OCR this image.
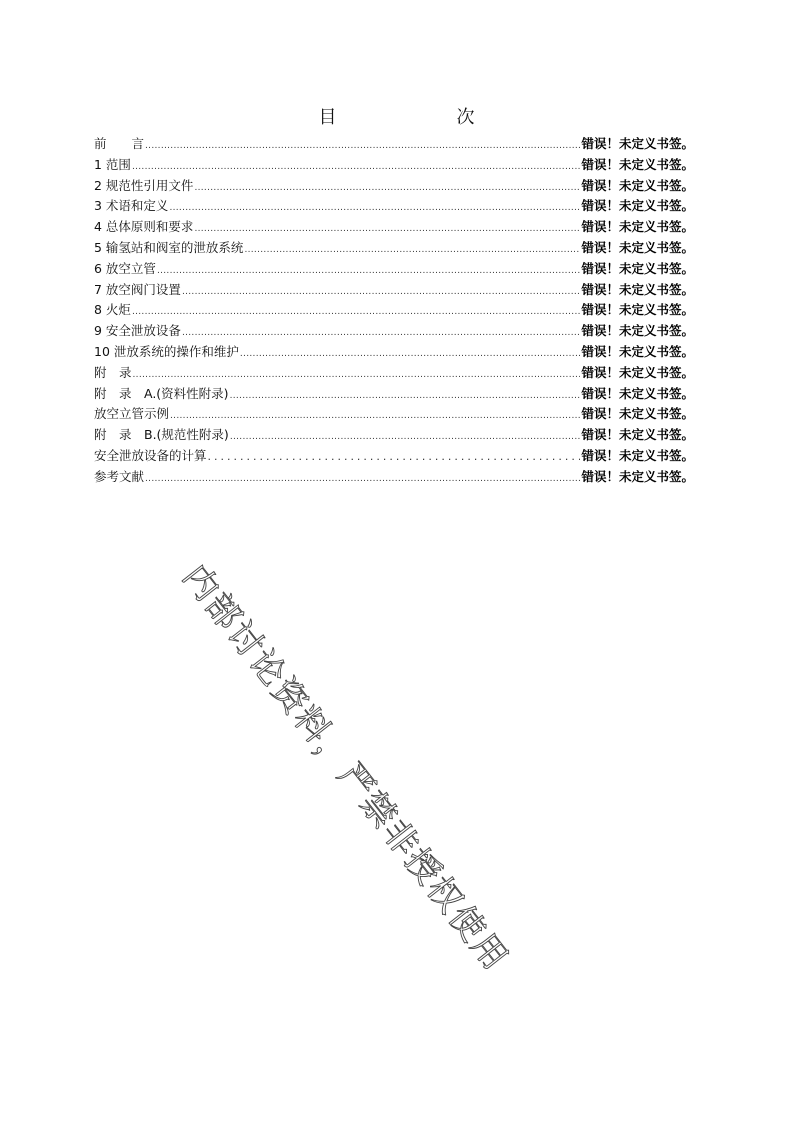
目　　次
前　　言 .....	错误！未定义书签。
1 范围 .....	错误！未定义书签。
2 规范性引用文件 .....	错误！未定义书签。
3 术语和定义 .....	错误！未定义书签。
4 总体原则和要求 .....	错误！未定义书签。
5 输氢站和阀室的泄放系统 .....	错误！未定义书签。
6 放空立管 .....	错误！未定义书签。
7 放空阀门设置 .....	错误！未定义书签。
8 火炬 .....	错误！未定义书签。
9 安全泄放设备 .....	错误！未定义书签。
10 泄放系统的操作和维护 .....	错误！未定义书签。
附　录 .....	错误！未定义书签。
附　录　A.(资料性附录) .....	错误！未定义书签。
放空立管示例 .....	错误！未定义书签。
附　录　B.(规范性附录) .....	错误！未定义书签。
安全泄放设备的计算 .....	错误！未定义书签。
参考文献 .....	错误！未定义书签。
内部讨论资料，严禁非授权使用
